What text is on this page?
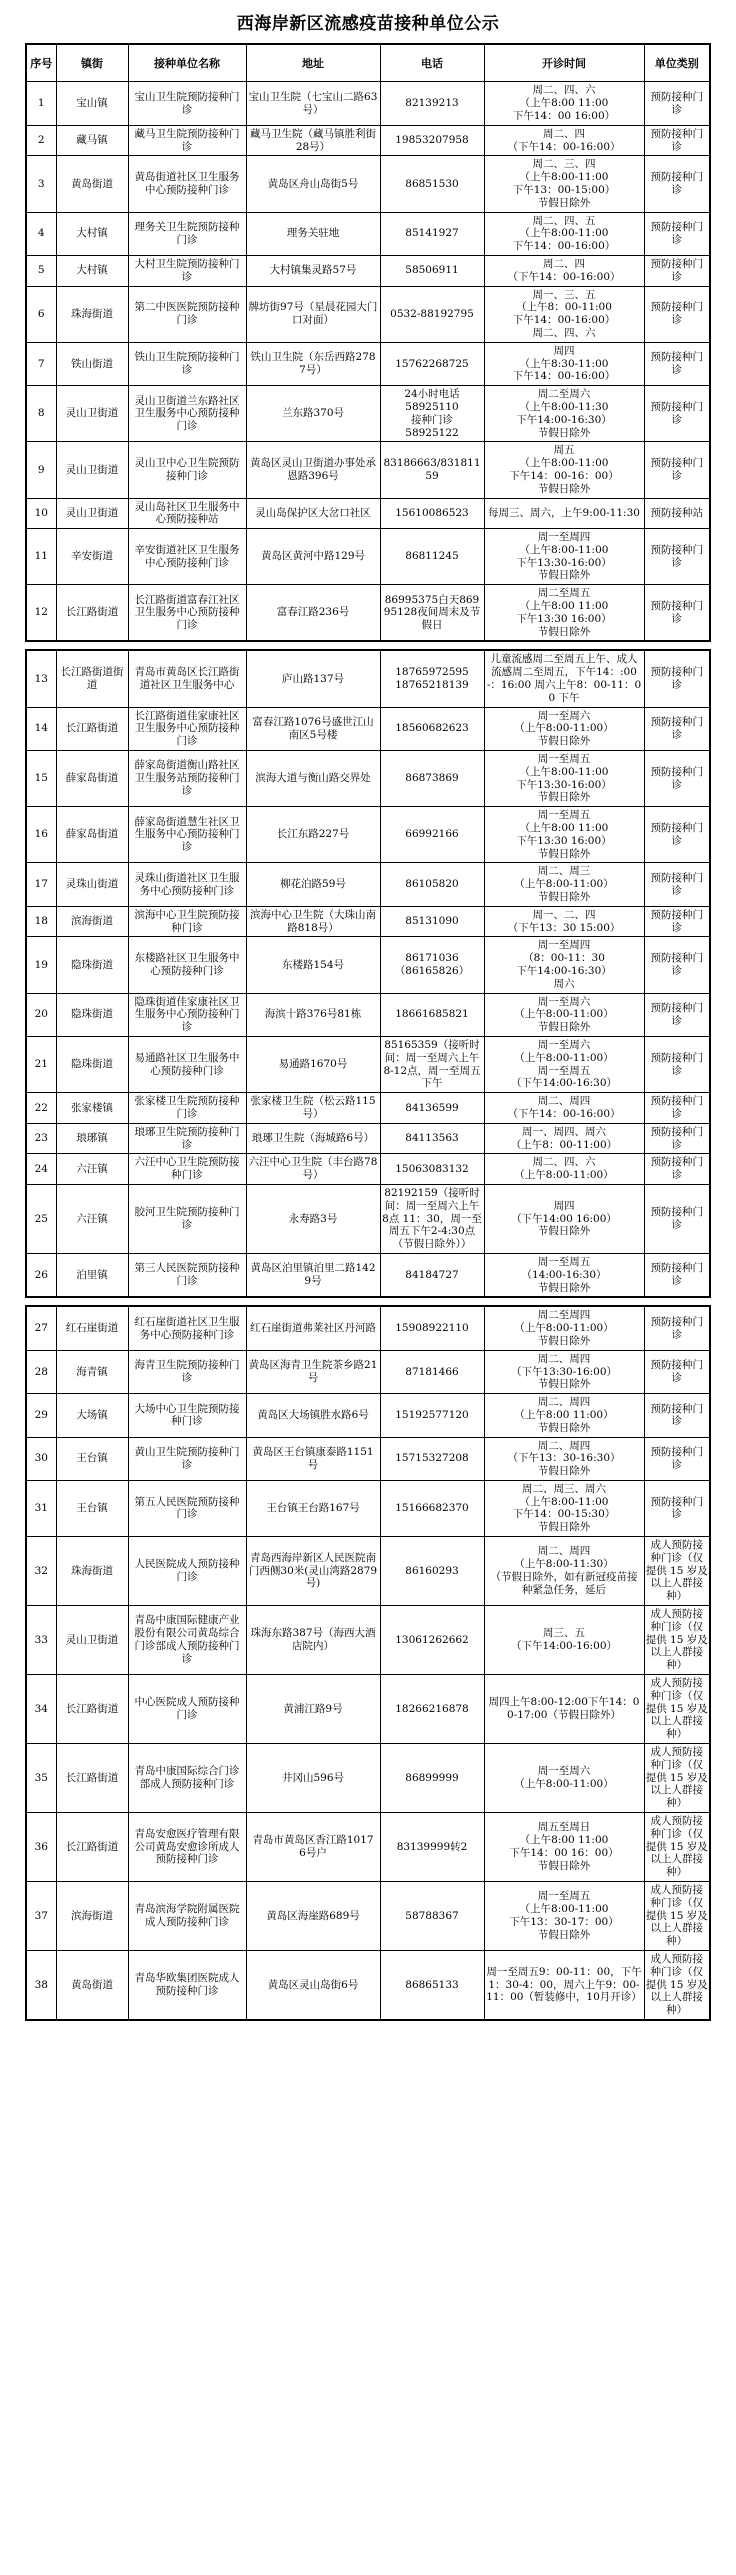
西海岸新区流感疫苗接种单位公示
序号	镇街	接种单位名称	地址	电话	开诊时间	单位类别

1	宝山镇	宝山卫生院预防接种门诊	宝山卫生院（七宝山二路63号）	82139213	周二、四、六
（上午8:00 11:00
下午14：00 16:00）	预防接种门诊

2	藏马镇	藏马卫生院预防接种门诊	藏马卫生院（藏马镇胜利街28号）	19853207958	周二、四
（下午14：00-16:00）	预防接种门诊

3	黄岛街道	黄岛街道社区卫生服务中心预防接种门诊	黄岛区舟山岛街5号	86851530	周二、三、四
（上午8:00-11:00
下午13：00-15:00）
节假日除外	预防接种门诊

4	大村镇	理务关卫生院预防接种门诊	理务关驻地	85141927	周二、四、五
（上午8:00-11:00
下午14：00-16:00）	预防接种门诊

5	大村镇	大村卫生院预防接种门诊	大村镇集灵路57号	58506911	周二、四
（下午14：00-16:00）	预防接种门诊

6	珠海街道	第二中医医院预防接种门诊	牌坊街97号（星晨花园大门口对面）	0532-88192795	周一、三、五
（上午8：00-11:00
下午14：00-16:00）
周二、四、六	预防接种门诊

7	铁山街道	铁山卫生院预防接种门诊	铁山卫生院（东岳西路2787号）	15762268725	周四
（上午8:30-11:00
下午14：00-16:00）	预防接种门诊

8	灵山卫街道	灵山卫街道兰东路社区卫生服务中心预防接种门诊	兰东路370号	24小时电话
58925110
接种门诊
58925122	周二至周六
（上午8:00-11:30
下午14:00-16:30）
节假日除外	预防接种门诊

9	灵山卫街道	灵山卫中心卫生院预防接种门诊	黄岛区灵山卫街道办事处承恩路396号	83186663/83181159	周五
（上午8:00-11:00
下午14：00-16：00）
节假日除外	预防接种门诊

10	灵山卫街道	灵山岛社区卫生服务中心预防接种站	灵山岛保护区大岔口社区	15610086523	每周三、周六，上午9:00-11:30	预防接种站

11	辛安街道	辛安街道社区卫生服务中心预防接种门诊	黄岛区黄河中路129号	86811245	周一至周四
（上午8:00-11:00
下午13:30-16:00）
节假日除外	预防接种门诊

12	长江路街道	长江路街道富春江社区卫生服务中心预防接种门诊	富春江路236号	86995375白天86995128夜间周末及节假日	周二至周五
（上午8:00 11:00
下午13:30 16:00）
节假日除外	预防接种门诊
13	长江路街道街道	青岛市黄岛区长江路街道社区卫生服务中心	庐山路137号	18765972595
18765218139	儿童流感周二至周五上午、成人流感周二至周五，下午14：:00-：16:00 周六上午8：00-11：00 下午	预防接种门诊

14	长江路街道	长江路街道佳家康社区卫生服务中心预防接种门诊	富春江路1076号盛世江山南区5号楼	18560682623	周一至周六
（上午8:00-11:00）
节假日除外	预防接种门诊

15	薛家岛街道	薛家岛街道衡山路社区卫生服务站预防接种门诊	滨海大道与衡山路交界处	86873869	周一至周五
（上午8:00-11:00
下午13:30-16:00）
节假日除外	预防接种门诊

16	薛家岛街道	薛家岛街道慧生社区卫生服务中心预防接种门诊	长江东路227号	66992166	周一至周五
（上午8:00 11:00
下午13:30 16:00）
节假日除外	预防接种门诊

17	灵珠山街道	灵珠山街道社区卫生服务中心预防接种门诊	柳花泊路59号	86105820	周二、周三
（上午8:00-11:00）
节假日除外	预防接种门诊

18	滨海街道	滨海中心卫生院预防接种门诊	滨海中心卫生院（大珠山南路818号）	85131090	周一、二、四
（下午13：30 15:00）	预防接种门诊

19	隐珠街道	东楼路社区卫生服务中心预防接种门诊	东楼路154号	86171036
（86165826）	周一至周四
（8：00-11：30
下午14:00-16:30）
周六	预防接种门诊

20	隐珠街道	隐珠街道佳家康社区卫生服务中心预防接种门诊	海滨十路376号81栋	18661685821	周一至周六
（上午8:00-11:00）
节假日除外	预防接种门诊

21	隐珠街道	易通路社区卫生服务中心预防接种门诊	易通路1670号	85165359（接听时间：周一至周六上午8-12点，周一至周五下午	周一至周六
（上午8:00-11:00）
周一至周五
（下午14:00-16:30）	预防接种门诊

22	张家楼镇	张家楼卫生院预防接种门诊	张家楼卫生院（松云路115号）	84136599	周二、周四
（下午14：00-16:00）	预防接种门诊

23	琅琊镇	琅琊卫生院预防接种门诊	琅琊卫生院（海城路6号）	84113563	周一、周四、周六
（上午8：00-11:00）	预防接种门诊

24	六汪镇	六汪中心卫生院预防接种门诊	六汪中心卫生院（丰台路78号）	15063083132	周二、四、六
（上午8:00-11:00）	预防接种门诊

25	六汪镇	胶河卫生院预防接种门诊	永寿路3号	82192159（接听时间：周一至周六上午8点 11：30，周一至周五下午2-4:30点（节假日除外））	周四
（下午14:00 16:00）
节假日除外	预防接种门诊

26	泊里镇	第三人民医院预防接种门诊	黄岛区泊里镇泊里二路1429号	84184727	周一至周五
（14:00-16:30）
节假日除外	预防接种门诊
27	红石崖街道	红石崖街道社区卫生服务中心预防接种门诊	红石崖街道弗莱社区丹河路	15908922110	周二至周四
（上午8:00-11:00）
节假日除外	预防接种门诊

28	海青镇	海青卫生院预防接种门诊	黄岛区海青卫生院茶乡路21号	87181466	周二、周四
（下午13:30-16:00）
节假日除外	预防接种门诊

29	大场镇	大场中心卫生院预防接种门诊	黄岛区大场镇胜水路6号	15192577120	周二、周四
（上午8:00 11:00）
节假日除外	预防接种门诊

30	王台镇	黄山卫生院预防接种门诊	黄岛区王台镇康泰路1151号	15715327208	周二、周四
（下午13：30-16:30）
节假日除外	预防接种门诊

31	王台镇	第五人民医院预防接种门诊	王台镇王台路167号	15166682370	周二、周三、周六
（上午8:00-11:00
下午14：00-15:30）
节假日除外	预防接种门诊

32	珠海街道	人民医院成人预防接种门诊	青岛西海岸新区人民医院南门西侧30米(灵山湾路2879号)	86160293	周二、周四
（上午8:00-11:30）
（节假日除外，如有新冠疫苗接种紧急任务，延后	成人预防接种门诊（仅提供 15 岁及以上人群接种）

33	灵山卫街道	青岛中康国际健康产业股份有限公司黄岛综合门诊部成人预防接种门诊	珠海东路387号（海西大酒店院内）	13061262662	周三、五
（下午14:00-16:00）	成人预防接种门诊（仅提供 15 岁及以上人群接种）

34	长江路街道	中心医院成人预防接种门诊	黄浦江路9号	18266216878	周四上午8:00-12:00下午14：00-17:00（节假日除外）	成人预防接种门诊（仅提供 15 岁及以上人群接种）

35	长江路街道	青岛中康国际综合门诊部成人预防接种门诊	井冈山596号	86899999	周一至周六
（上午8:00-11:00）	成人预防接种门诊（仅提供 15 岁及以上人群接种）

36	长江路街道	青岛安愈医疗管理有限公司黄岛安愈诊所成人预防接种门诊	青岛市黄岛区香江路1017 6号户	83139999转2	周五至周日
（上午8:00 11:00
下午14：00 16：00）
节假日除外	成人预防接种门诊（仅提供 15 岁及以上人群接种）

37	滨海街道	青岛滨海学院附属医院成人预防接种门诊	黄岛区海崖路689号	58788367	周一至周五
（上午8:00-11:00
下午13：30-17：00）
节假日除外	成人预防接种门诊（仅提供 15 岁及以上人群接种）

38	黄岛街道	青岛华欧集团医院成人预防接种门诊	黄岛区灵山岛街6号	86865133	周一至周五9：00-11：00，下午1：30-4：00，周六上午9：00-11：00（暂装修中，10月开诊）	成人预防接种门诊（仅提供 15 岁及以上人群接种）
